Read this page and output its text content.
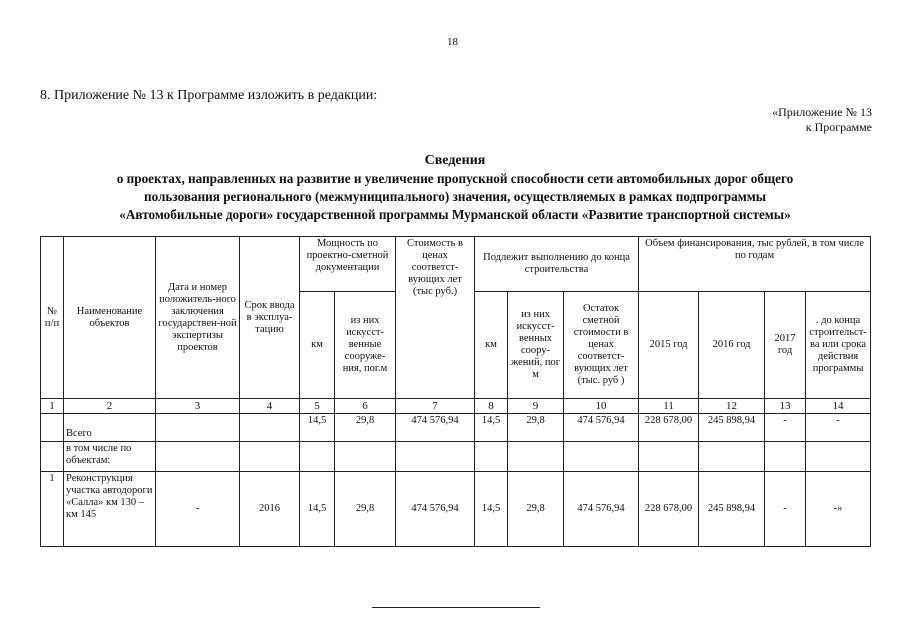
18
8. Приложение № 13 к Программе изложить в редакции:
«Приложение № 13
к Программе
Сведения
о проектах, направленных на развитие и увеличение пропускной способности сети автомобильных дорог общего
пользования регионального (межмуниципального) значения, осуществляемых в рамках подпрограммы
«Автомобильные дороги» государственной программы Мурманской области «Развитие транспортной системы»
№ п/п	Наименование объектов	Дата и номер положитель-ного заключения государствен-ной экспертизы проектов	Срок ввода в эксплуа-тацию	Мощность по проектно-сметной документации		Стоимость в ценах соответст-вующих лет (тыс руб.)	Подлежит выполнению до конца строительства			Объем финансирования, тыс рублей, в том числе по годам			
				км	из них искусст-венные сооруже-ния, пог.м		км	из них искусст-венных соору-жений, пог м	Остаток сметной стоимости в ценах соответст-вующих лет (тыс. руб )	2015 год	2016 год	2017 год	. до конца строительст-ва или срока действия программы
1	2	3	4	5	6	7	8	9	10	11	12	13	14
	Всего			14,5	29,8	474 576,94	14,5	29,8	474 576,94	228 678,00	245 898,94	-	-
	в том числе по объектам:												
1	Реконструкция участка автодороги «Салла» км 130 – км 145	-	2016	14,5	29,8	474 576,94	14,5	29,8	474 576,94	228 678,00	245 898,94	-	-»
